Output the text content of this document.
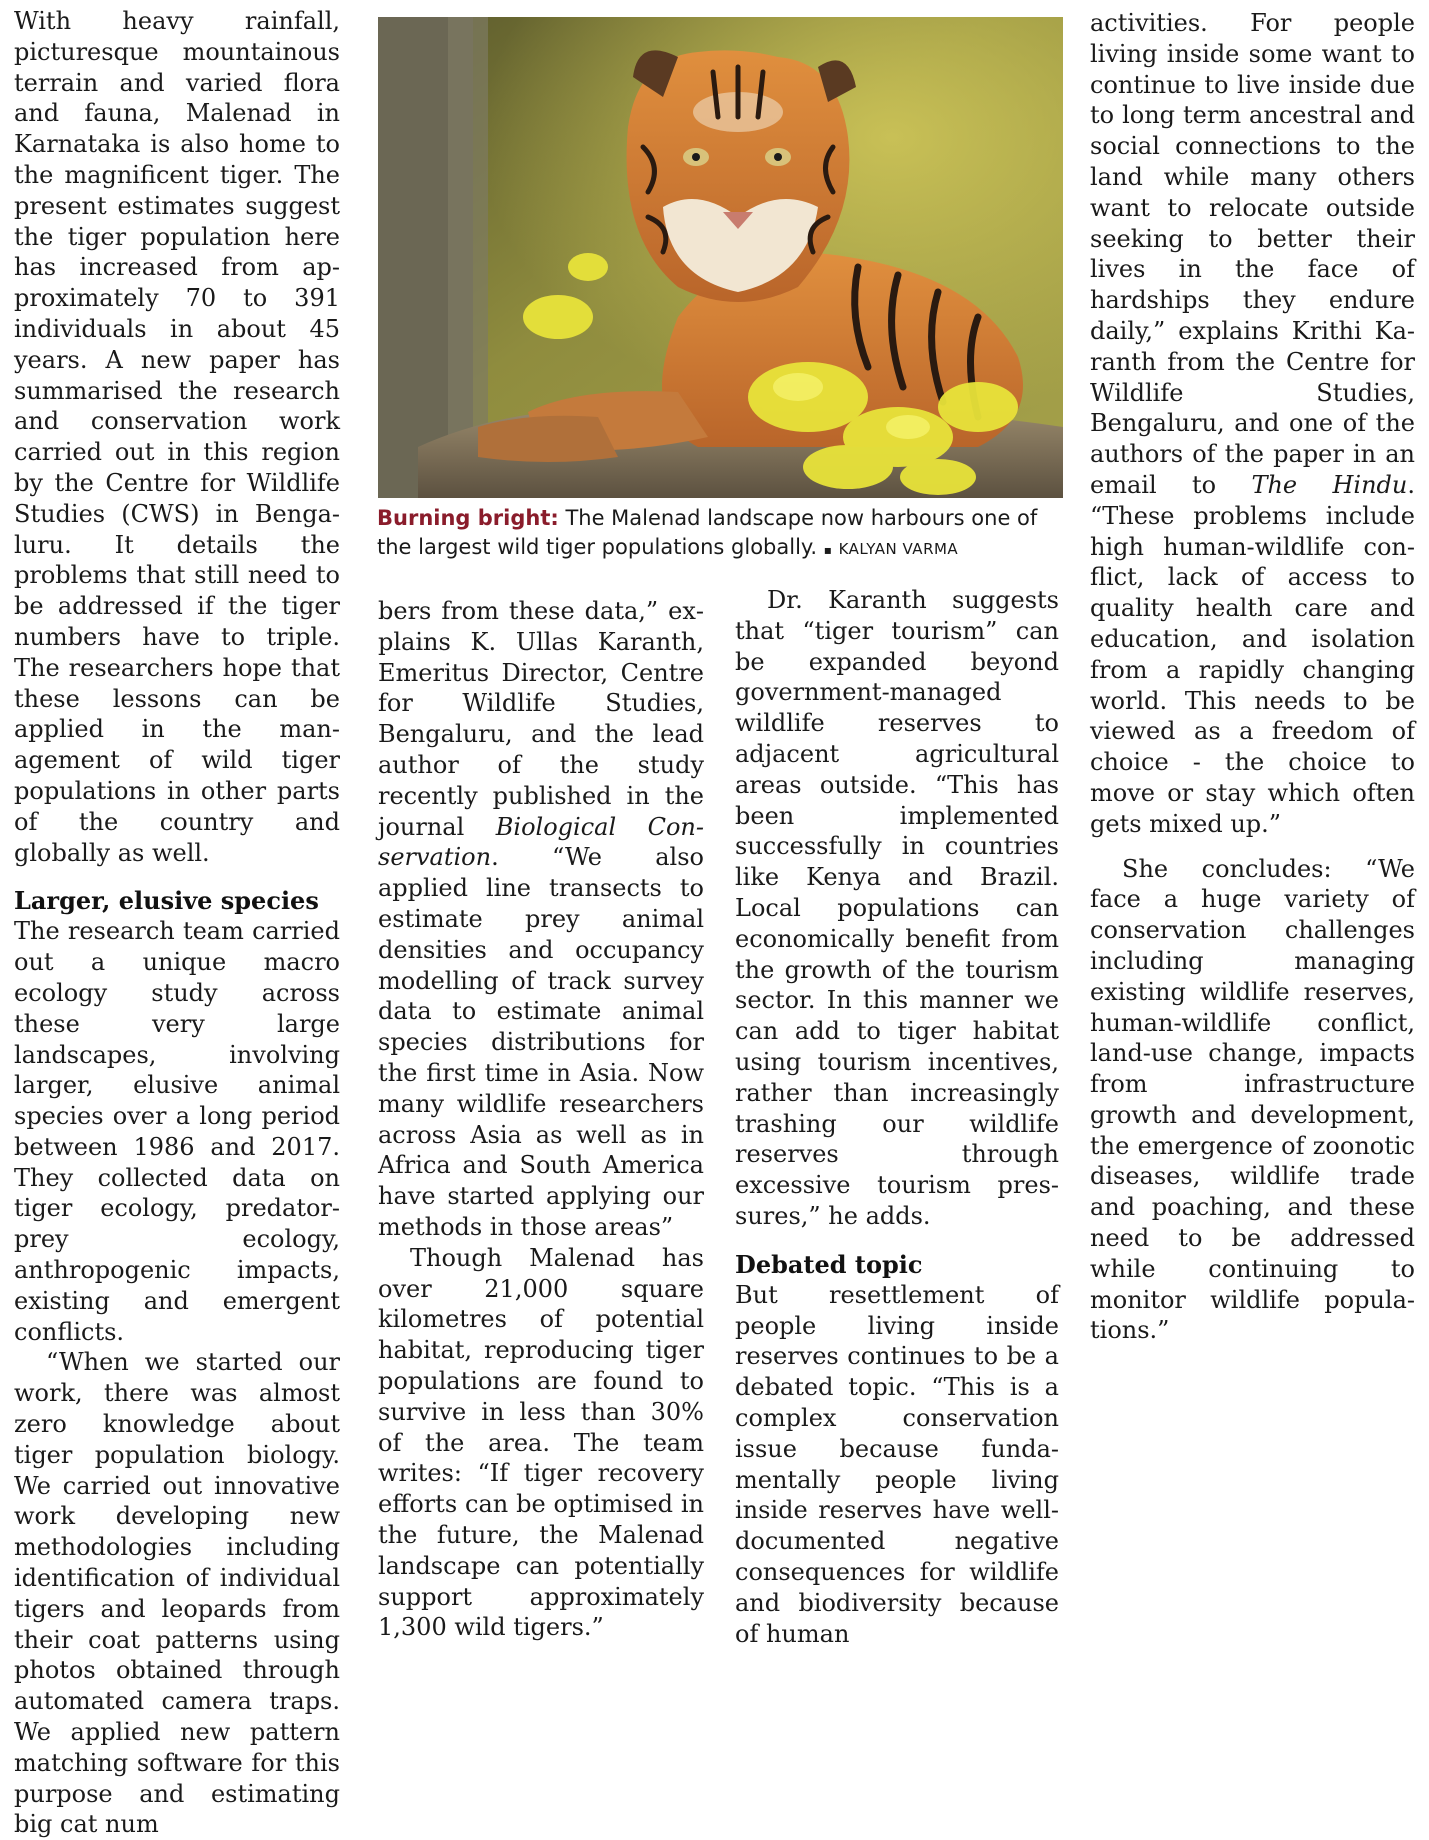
With heavy rainfall, picturesque mountainous terrain and varied flora and fauna, Malenad in Karnataka is also home to the magnificent tiger. The present estimates suggest the tiger population here has increased from approximately 70 to 391 individuals in about 45 years. A new paper has summarised the research and conservation work carried out in this region by the Centre for Wildlife Studies (CWS) in Bengaluru. It details the problems that still need to be addressed if the tiger numbers have to triple. The researchers hope that these lessons can be applied in the management of wild tiger populations in other parts of the country and globally as well.

Larger, elusive species

The research team carried out a unique macro ecology study across these very large landscapes, involving larger, elusive animal species over a long period between 1986 and 2017. They collected data on tiger ecology, predator-prey ecology, anthropogenic impacts, existing and emergent conflicts.

“When we started our work, there was almost zero knowledge about tiger population biology. We carried out innovative work developing new methodologies including identification of individual tigers and leopards from their coat patterns using photos obtained through automated camera traps. We applied new pattern matching software for this purpose and estimating big cat num

Burning bright: The Malenad landscape now harbours one of the largest wild tiger populations globally. ▪ KALYAN VARMA

bers from these data,” explains K. Ullas Karanth, Emeritus Director, Centre for Wildlife Studies, Bengaluru, and the lead author of the study recently published in the journal Biological Conservation. “We also applied line transects to estimate prey animal densities and occupancy modelling of track survey data to estimate animal species distributions for the first time in Asia. Now many wildlife researchers across Asia as well as in Africa and South America have started applying our methods in those areas”

Though Malenad has over 21,000 square kilometres of potential habitat, reproducing tiger populations are found to survive in less than 30% of the area. The team writes: “If tiger recovery efforts can be optimised in the future, the Malenad landscape can potentially support approximately 1,300 wild tigers.”

Dr. Karanth suggests that “tiger tourism” can be expanded beyond government-managed wildlife reserves to adjacent agricultural areas outside. “This has been implemented successfully in countries like Kenya and Brazil. Local populations can economically benefit from the growth of the tourism sector. In this manner we can add to tiger habitat using tourism incentives, rather than increasingly trashing our wildlife reserves through excessive tourism pressures,” he adds.

Debated topic

But resettlement of people living inside reserves continues to be a debated topic. “This is a complex conservation issue because fundamentally people living inside reserves have well-documented negative consequences for wildlife and biodiversity because of human

activities. For people living inside some want to continue to live inside due to long term ancestral and social connections to the land while many others want to relocate outside seeking to better their lives in the face of hardships they endure daily,” explains Krithi Karanth from the Centre for Wildlife Studies, Bengaluru, and one of the authors of the paper in an email to The Hindu. “These problems include high human-wildlife conflict, lack of access to quality health care and education, and isolation from a rapidly changing world. This needs to be viewed as a freedom of choice - the choice to move or stay which often gets mixed up.”

She concludes: “We face a huge variety of conservation challenges including managing existing wildlife reserves, human-wildlife conflict, land-use change, impacts from infrastructure growth and development, the emergence of zoonotic diseases, wildlife trade and poaching, and these need to be addressed while continuing to monitor wildlife populations.”
